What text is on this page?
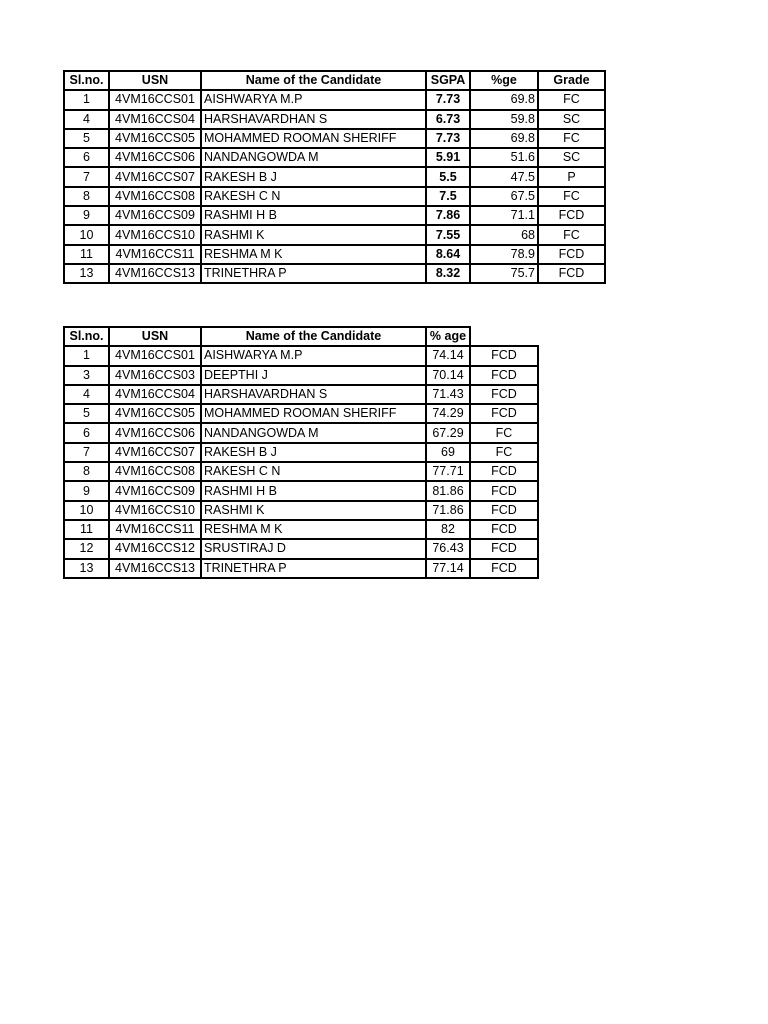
Sl.no.	USN	Name of the Candidate	SGPA	%ge	Grade
1	4VM16CCS01	AISHWARYA M.P	7.73	69.8	FC
4	4VM16CCS04	HARSHAVARDHAN S	6.73	59.8	SC
5	4VM16CCS05	MOHAMMED ROOMAN SHERIFF	7.73	69.8	FC
6	4VM16CCS06	NANDANGOWDA M	5.91	51.6	SC
7	4VM16CCS07	RAKESH B J	5.5	47.5	P
8	4VM16CCS08	RAKESH C N	7.5	67.5	FC
9	4VM16CCS09	RASHMI H B	7.86	71.1	FCD
10	4VM16CCS10	RASHMI K	7.55	68	FC
11	4VM16CCS11	RESHMA M K	8.64	78.9	FCD
13	4VM16CCS13	TRINETHRA P	8.32	75.7	FCD
Sl.no.	USN	Name of the Candidate	% age	
1	4VM16CCS01	AISHWARYA M.P	74.14	FCD
3	4VM16CCS03	DEEPTHI J	70.14	FCD
4	4VM16CCS04	HARSHAVARDHAN S	71.43	FCD
5	4VM16CCS05	MOHAMMED ROOMAN SHERIFF	74.29	FCD
6	4VM16CCS06	NANDANGOWDA M	67.29	FC
7	4VM16CCS07	RAKESH B J	69	FC
8	4VM16CCS08	RAKESH C N	77.71	FCD
9	4VM16CCS09	RASHMI H B	81.86	FCD
10	4VM16CCS10	RASHMI K	71.86	FCD
11	4VM16CCS11	RESHMA M K	82	FCD
12	4VM16CCS12	SRUSTIRAJ D	76.43	FCD
13	4VM16CCS13	TRINETHRA P	77.14	FCD
